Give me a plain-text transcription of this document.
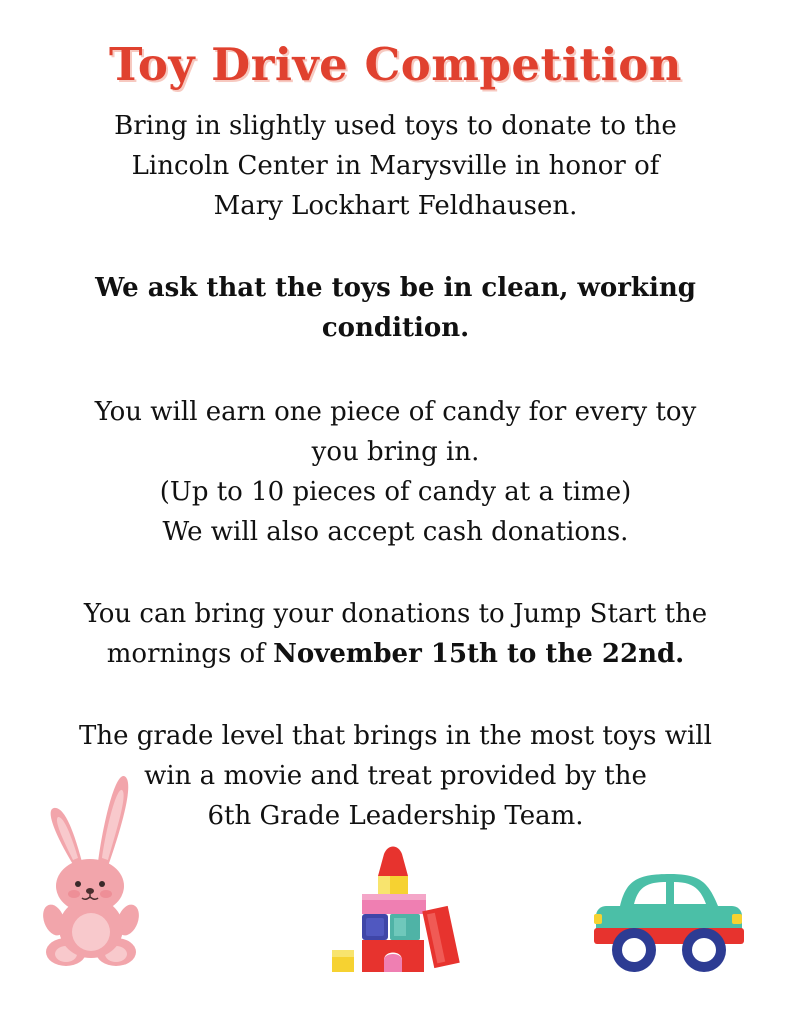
Toy Drive Competition

Bring in slightly used toys to donate to the
Lincoln Center in Marysville in honor of
Mary Lockhart Feldhausen.

We ask that the toys be in clean, working
condition.

You will earn one piece of candy for every toy
you bring in.
(Up to 10 pieces of candy at a time)
We will also accept cash donations.

You can bring your donations to Jump Start the
mornings of November 15th to the 22nd.

The grade level that brings in the most toys will
win a movie and treat provided by the
6th Grade Leadership Team.
